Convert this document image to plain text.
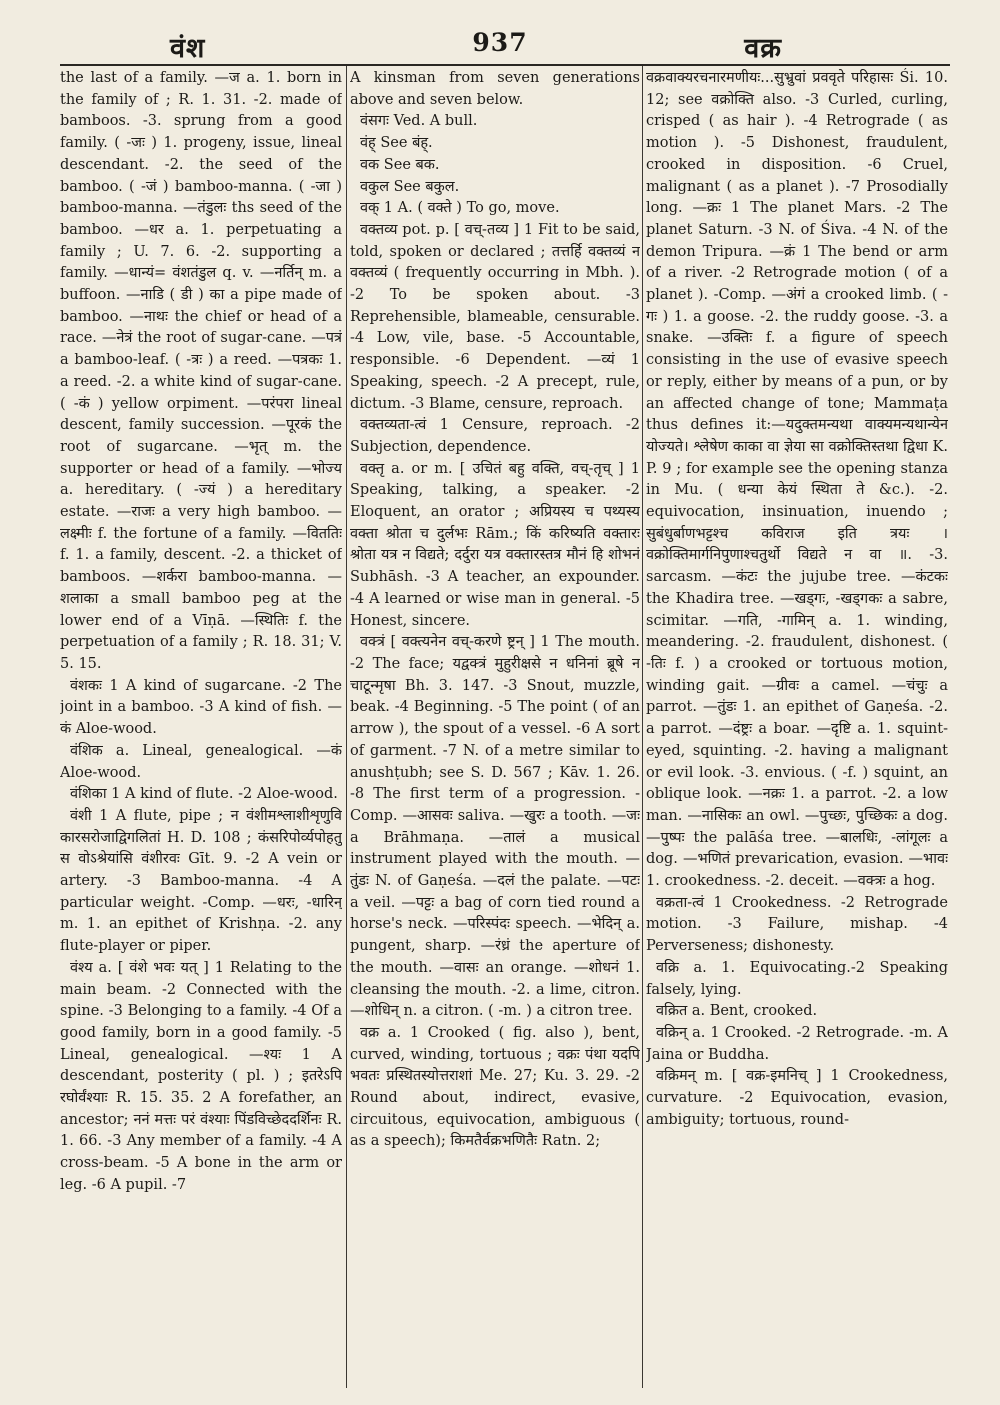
वंश	937	वक्र

the last of a family. —ज a. 1. born in the family of ; R. 1. 31. -2. made of bamboos. -3. sprung from a good family. ( -जः ) 1. progeny, issue, lineal descendant. -2. the seed of the bamboo. ( -जं ) bamboo-manna. ( -जा ) bamboo-manna. —तंडुलः ths seed of the bamboo. —धर a. 1. perpetuating a family ; U. 7. 6. -2. supporting a family. —धान्यं= वंशतंडुल q. v. —नर्तिन् m. a buffoon. —नाडि ( डी ) का a pipe made of bamboo. —नाथः the chief or head of a race. —नेत्रं the root of sugar-cane. —पत्रं a bamboo-leaf. ( -त्रः ) a reed. —पत्रकः 1. a reed. -2. a white kind of sugar-cane. ( -कं ) yellow orpiment. —परंपरा lineal descent, family succession. —पूरकं the root of sugarcane. —भृत् m. the supporter or head of a family. —भोज्य a. hereditary. ( -ज्यं ) a hereditary estate. —राजः a very high bamboo. —लक्ष्मीः f. the fortune of a family. —विततिः f. 1. a family, descent. -2. a thicket of bamboos. —शर्करा bamboo-manna. —शलाका a small bamboo peg at the lower end of a Vīṇā. —स्थितिः f. the perpetuation of a family ; R. 18. 31; V. 5. 15.

वंशकः 1 A kind of sugarcane. -2 The joint in a bamboo. -3 A kind of fish. —कं Aloe-wood.

वंशिक a. Lineal, genealogical. —कं Aloe-wood.

वंशिका 1 A kind of flute. -2 Aloe-wood.

वंशी 1 A flute, pipe ; न वंशीमश्लाशीशृणुवि कारसरोजाद्विगलितां H. D. 108 ; कंसरिपोर्व्यपोहतु स वोऽश्रेयांसि वंशीरवः Gīt. 9. -2 A vein or artery. -3 Bamboo-manna. -4 A particular weight. -Comp. —धरः, -धारिन् m. 1. an epithet of Krishṇa. -2. any flute-player or piper.

वंश्य a. [ वंशे भवः यत् ] 1 Relating to the main beam. -2 Connected with the spine. -3 Belonging to a family. -4 Of a good family, born in a good family. -5 Lineal, genealogical. —श्यः 1 A descendant, posterity ( pl. ) ; इतरेऽपि रघोर्वंश्याः R. 15. 35. 2 A forefather, an ancestor; ननं मत्तः परं वंश्याः पिंडविच्छेददर्शिनः R. 1. 66. -3 Any member of a family. -4 A cross-beam. -5 A bone in the arm or leg. -6 A pupil. -7

A kinsman from seven generations above and seven below.

वंसगः Ved. A bull.

वंह् See बंह्.

वक See बक.

वकुल See बकुल.

वक् 1 A. ( वक्ते ) To go, move.

वक्तव्य pot. p. [ वच्-तव्य ] 1 Fit to be said, told, spoken or declared ; तत्तर्हि वक्तव्यं न वक्तव्यं ( frequently occurring in Mbh. ). -2 To be spoken about. -3 Reprehensible, blameable, censurable. -4 Low, vile, base. -5 Accountable, responsible. -6 Dependent. —व्यं 1 Speaking, speech. -2 A precept, rule, dictum. -3 Blame, censure, reproach.

वक्तव्यता-त्वं 1 Censure, reproach. -2 Subjection, dependence.

वक्तृ a. or m. [ उचितं बहु वक्ति, वच्-तृच् ] 1 Speaking, talking, a speaker. -2 Eloquent, an orator ; अप्रियस्य च पथ्यस्य वक्ता श्रोता च दुर्लभः Rām.; किं करिष्यति वक्तारः श्रोता यत्र न विद्यते; दर्दुरा यत्र वक्तारस्तत्र मौनं हि शोभनं Subhāsh. -3 A teacher, an expounder. -4 A learned or wise man in general. -5 Honest, sincere.

वक्त्रं [ वक्त्यनेन वच्-करणे ष्ट्रन् ] 1 The mouth. -2 The face; यद्वक्त्रं मुहुरीक्षसे न धनिनां ब्रूषे न चाटून्मृषा Bh. 3. 147. -3 Snout, muzzle, beak. -4 Beginning. -5 The point ( of an arrow ), the spout of a vessel. -6 A sort of garment. -7 N. of a metre similar to anushṭubh; see S. D. 567 ; Kāv. 1. 26. -8 The first term of a progression. -Comp. —आसवः saliva. —खुरः a tooth. —जः a Brāhmaṇa. —तालं a musical instrument played with the mouth. —तुंडः N. of Gaṇeśa. —दलं the palate. —पटः a veil. —पट्टः a bag of corn tied round a horse's neck. —परिस्पंदः speech. —भेदिन् a. pungent, sharp. —रंध्रं the aperture of the mouth. —वासः an orange. —शोधनं 1. cleansing the mouth. -2. a lime, citron. —शोधिन् n. a citron. ( -m. ) a citron tree.

वक्र a. 1 Crooked ( fig. also ), bent, curved, winding, tortuous ; वक्रः पंथा यदपि भवतः प्रस्थितस्योत्तराशां Me. 27; Ku. 3. 29. -2 Round about, indirect, evasive, circuitous, equivocation, ambiguous ( as a speech); किमतैर्वक्रभणितैः Ratn. 2;

वक्रवाक्यरचनारमणीयः...सुभ्रुवां प्रववृते परिहासः Śi. 10. 12; see वक्रोक्ति also. -3 Curled, curling, crisped ( as hair ). -4 Retrograde ( as motion ). -5 Dishonest, fraudulent, crooked in disposition. -6 Cruel, malignant ( as a planet ). -7 Prosodially long. —क्रः 1 The planet Mars. -2 The planet Saturn. -3 N. of Śiva. -4 N. of the demon Tripura. —क्रं 1 The bend or arm of a river. -2 Retrograde motion ( of a planet ). -Comp. —अंगं a crooked limb. ( -गः ) 1. a goose. -2. the ruddy goose. -3. a snake. —उक्तिः f. a figure of speech consisting in the use of evasive speech or reply, either by means of a pun, or by an affected change of tone; Mammaṭa thus defines it:—यदुक्तमन्यथा वाक्यमन्यथान्येन योज्यते। श्लेषेण काका वा ज्ञेया सा वक्रोक्तिस्तथा द्विधा K. P. 9 ; for example see the opening stanza in Mu. ( धन्या केयं स्थिता ते &c.). -2. equivocation, insinuation, inuendo ; सुबंधुर्बाणभट्टश्च कविराज इति त्रयः । वक्रोक्तिमार्गनिपुणाश्चतुर्थो विद्यते न वा ॥. -3. sarcasm. —कंटः the jujube tree. —कंटकः the Khadira tree. —खड्गः, -खड्गकः a sabre, scimitar. —गति, -गामिन् a. 1. winding, meandering. -2. fraudulent, dishonest. ( -तिः f. ) a crooked or tortuous motion, winding gait. —ग्रीवः a camel. —चंचुः a parrot. —तुंडः 1. an epithet of Gaṇeśa. -2. a parrot. —दंष्ट्रः a boar. —दृष्टि a. 1. squint-eyed, squinting. -2. having a malignant or evil look. -3. envious. ( -f. ) squint, an oblique look. —नक्रः 1. a parrot. -2. a low man. —नासिकः an owl. —पुच्छः, पुच्छिकः a dog. —पुष्पः the palāśa tree. —बालधिः, -लांगूलः a dog. —भणितं prevarication, evasion. —भावः 1. crookedness. -2. deceit. —वक्त्रः a hog.

वक्रता-त्वं 1 Crookedness. -2 Retrograde motion. -3 Failure, mishap. -4 Perverseness; dishonesty.

वक्रि a. 1. Equivocating.-2 Speaking falsely, lying.

वक्रित a. Bent, crooked.

वक्रिन् a. 1 Crooked. -2 Retrograde. -m. A Jaina or Buddha.

वक्रिमन् m. [ वक्र-इमनिच् ] 1 Crookedness, curvature. -2 Equivocation, evasion, ambiguity; tortuous, round-
